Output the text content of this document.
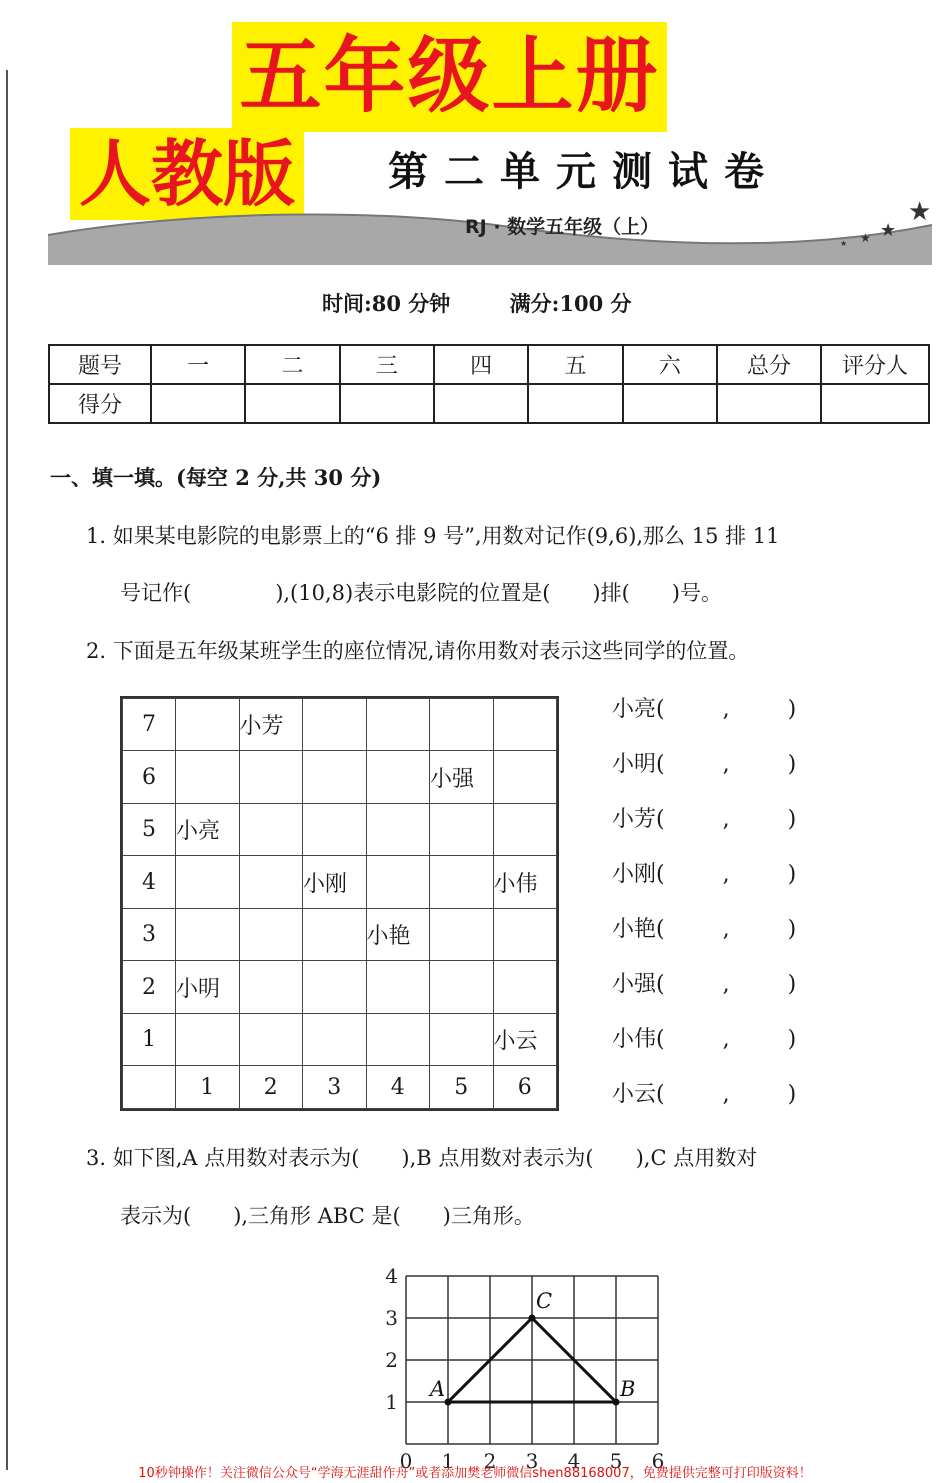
五年级上册
人教版	★
★
★
★
第二单元测试卷
RJ · 数学五年级（上）
时间:80 分钟	满分:100 分
题号	一	二	三	四	五	六	总分	评分人
得分								
一、填一填。(每空 2 分,共 30 分)
1. 如果某电影院的电影票上的“6 排 9 号”,用数对记作(9,6),那么 15 排 11
号记作(　　　　),(10,8)表示电影院的位置是(　　)排(　　)号。
2. 下面是五年级某班学生的座位情况,请你用数对表示这些同学的位置。
7		小芳				
6					小强	
5	小亮					
4			小刚			小伟
3				小艳		
2	小明					
1						小云
	1	2	3	4	5	6
小亮(	,	)
小明(	,	)
小芳(	,	)
小刚(	,	)
小艳(	,	)
小强(	,	)
小伟(	,	)
小云(	,	)
3. 如下图,A 点用数对表示为(　　),B 点用数对表示为(　　),C 点用数对
表示为(　　),三角形 ABC 是(　　)三角形。
0 1 2 3 4 5 6
1
2
3
4
A	B
C
10秒钟操作！关注微信公众号“学海无涯甜作舟”或者添加樊老师微信shen88168007，免费提供完整可打印版资料！
